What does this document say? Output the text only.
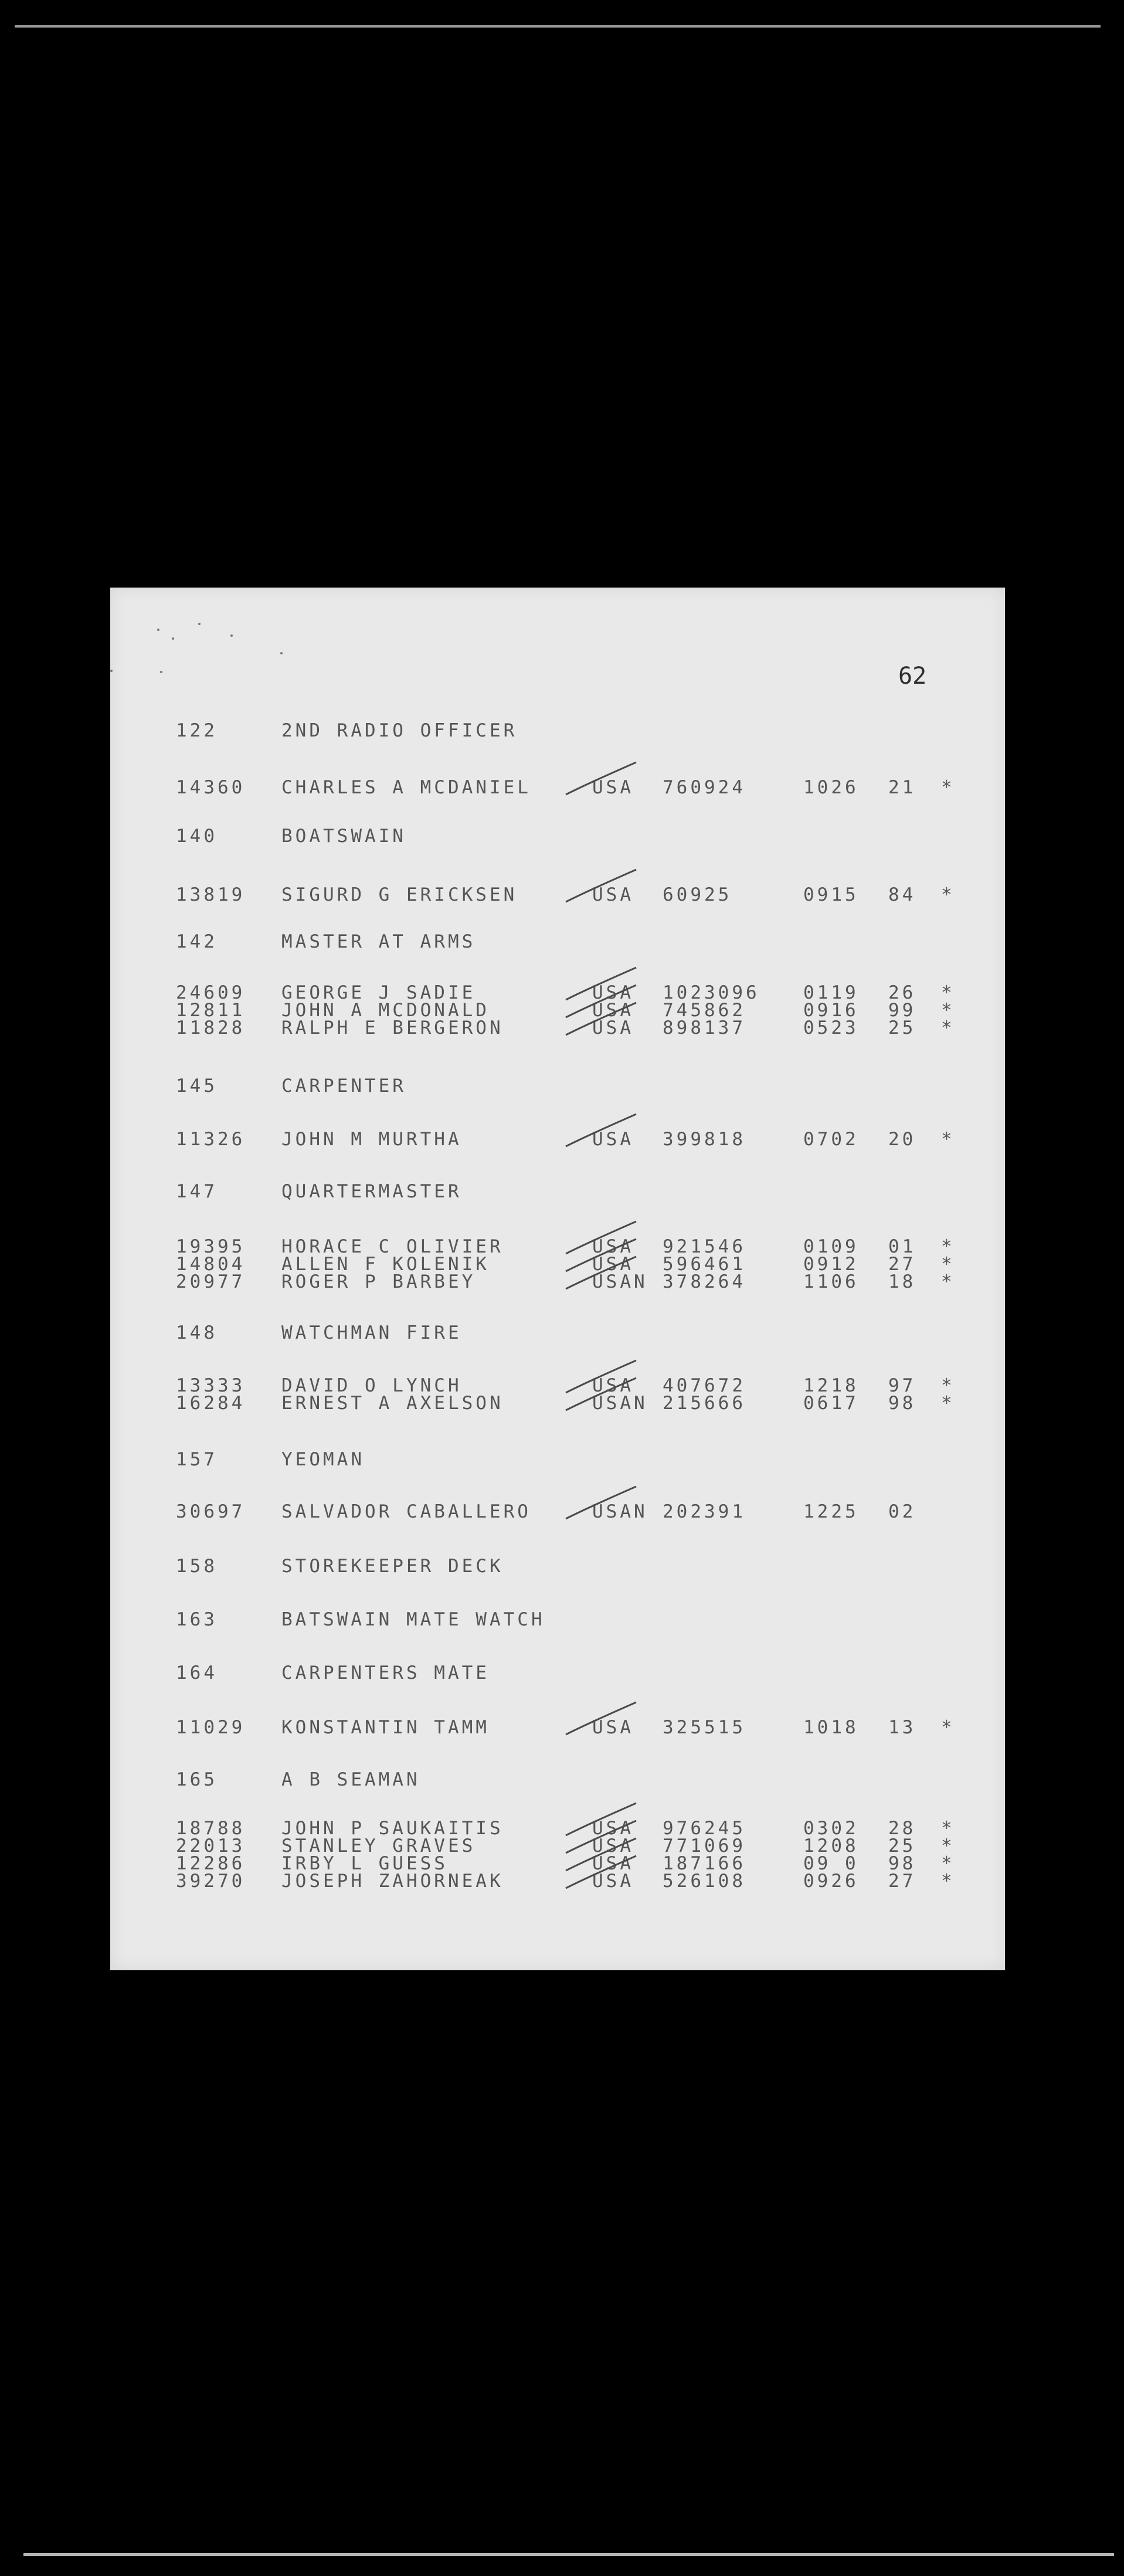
62
122	2ND RADIO OFFICER
14360 CHARLES A MCDANIEL	USA 760924	1026 21 *
140	BOATSWAIN
13819 SIGURD G ERICKSEN	USA 60925	0915 84 *
142	MASTER AT ARMS
24609 GEORGE J SADIE	USA 1023096 0119 26 *
12811 JOHN A MCDONALD	USA 745862	0916 99 *
11828 RALPH E BERGERON	USA 898137	0523 25 *
145	CARPENTER
11326 JOHN M MURTHA	USA 399818	0702 20 *
147	QUARTERMASTER
19395 HORACE C OLIVIER	USA 921546	0109 01 *
14804 ALLEN F KOLENIK	USA 596461	0912 27 *
20977 ROGER P BARBEY	USAN 378264	1106 18 *
148	WATCHMAN FIRE
13333 DAVID O LYNCH	USA 407672	1218 97 *
16284 ERNEST A AXELSON	USAN 215666	0617 98 *
157	YEOMAN
30697 SALVADOR CABALLERO	USAN 202391	1225 02
158	STOREKEEPER DECK
163	BATSWAIN MATE WATCH
164	CARPENTERS MATE
11029 KONSTANTIN TAMM	USA 325515	1018 13 *
165	A B SEAMAN
18788 JOHN P SAUKAITIS	USA 976245	0302 28 *
22013 STANLEY GRAVES	USA 771069	1208 25 *
12286 IRBY L GUESS	USA 187166	09 0 98 *
39270 JOSEPH ZAHORNEAK	USA 526108	0926 27 *
